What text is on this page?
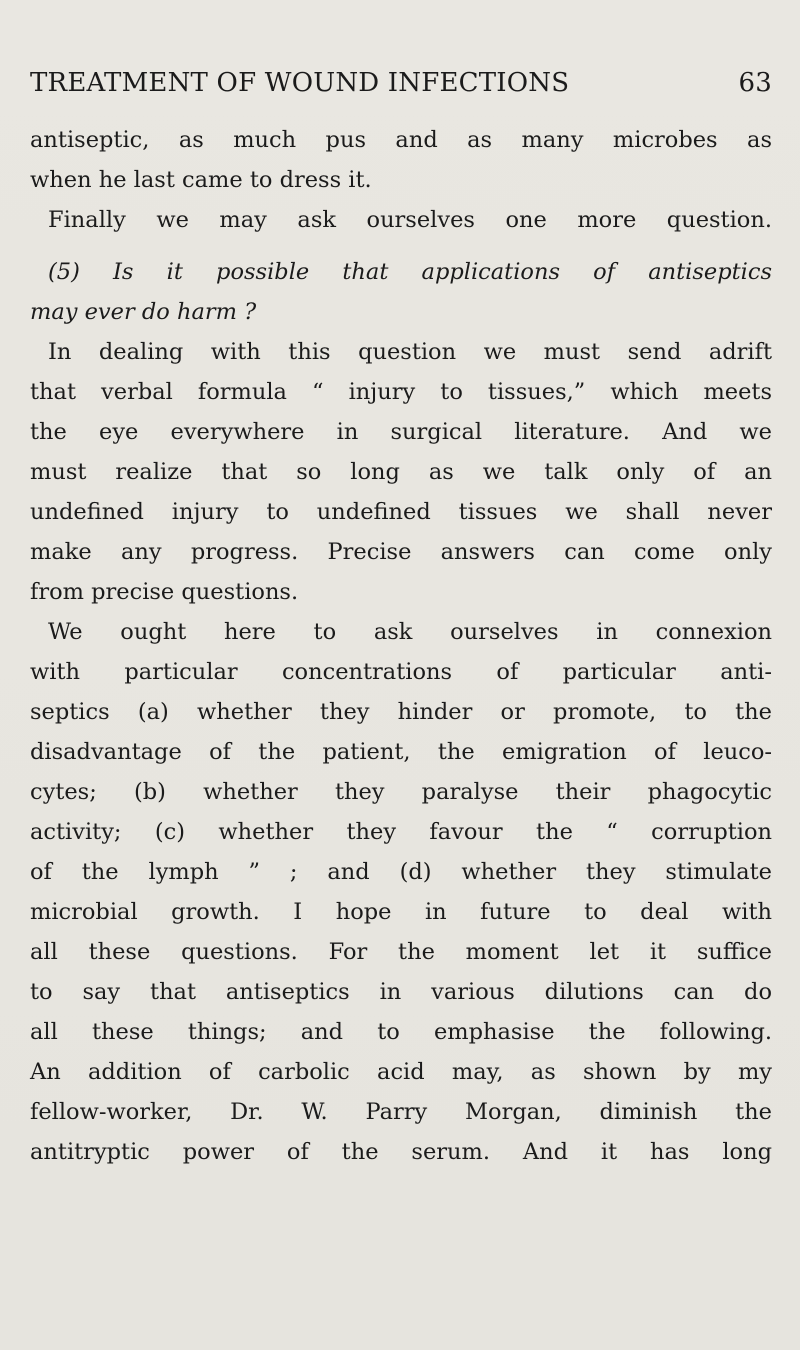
TREATMENT OF WOUND INFECTIONS	63
antiseptic, as much pus and as many microbes as
when he last came to dress it.
Finally we may ask ourselves one more question.
(5) Is it possible that applications of antiseptics
may ever do harm ?
In dealing with this question we must send adrift
that verbal formula “ injury to tissues,” which meets
the eye everywhere in surgical literature. And we
must realize that so long as we talk only of an
undefined injury to undefined tissues we shall never
make any progress. Precise answers can come only
from precise questions.
We ought here to ask ourselves in connexion
with particular concentrations of particular anti-
septics (a) whether they hinder or promote, to the
disadvantage of the patient, the emigration of leuco-
cytes; (b) whether they paralyse their phagocytic
activity; (c) whether they favour the “ corruption
of the lymph ” ; and (d) whether they stimulate
microbial growth. I hope in future to deal with
all these questions. For the moment let it suffice
to say that antiseptics in various dilutions can do
all these things; and to emphasise the following.
An addition of carbolic acid may, as shown by my
fellow-worker, Dr. W. Parry Morgan, diminish the
antitryptic power of the serum. And it has long
